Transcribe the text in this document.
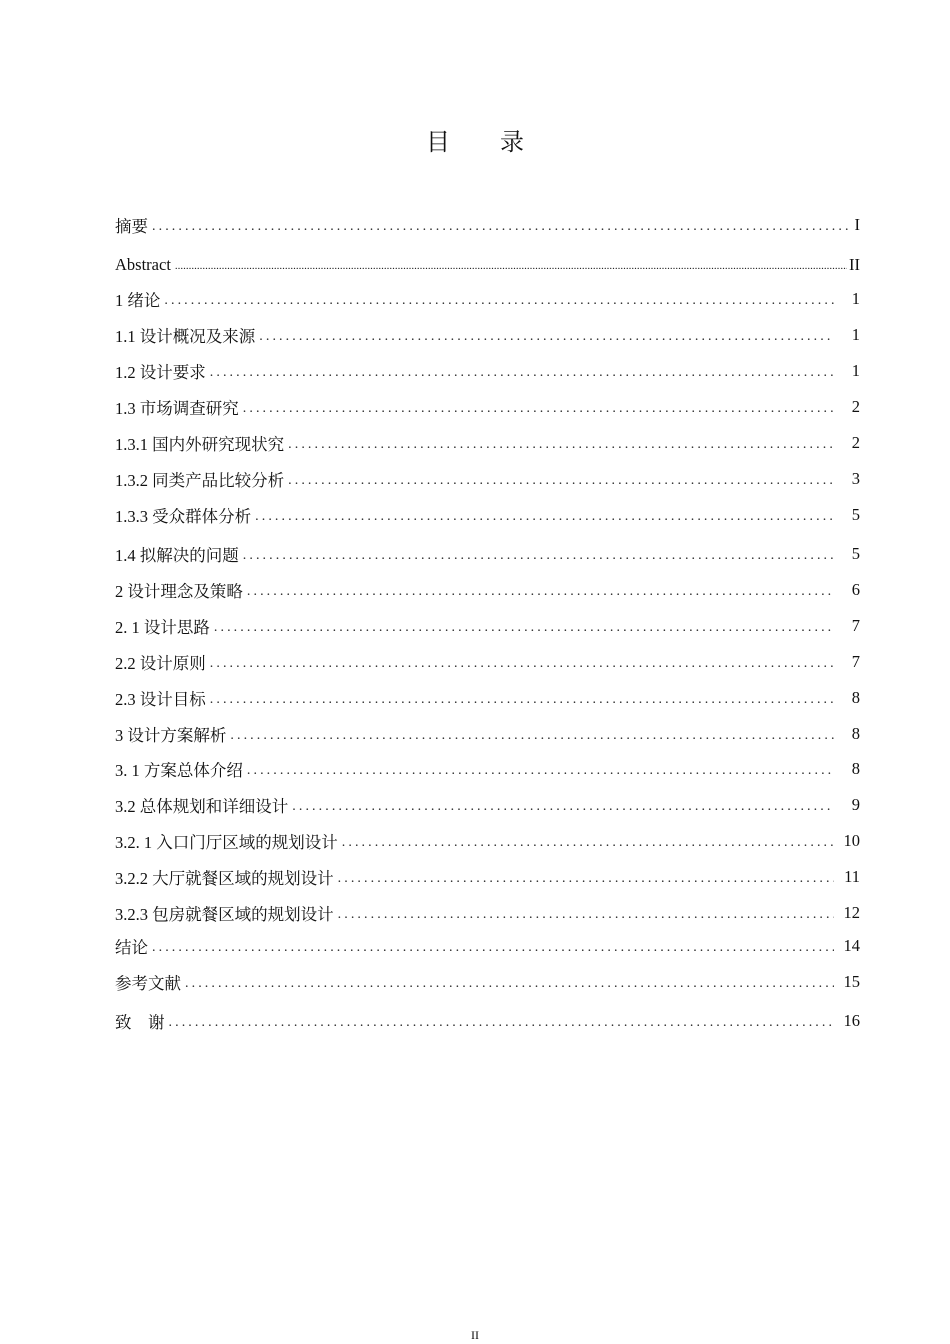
目 录
摘要 .....	I
Abstract .....	II
1 绪论 .....	1
1.1 设计概况及来源 .....	1
1.2 设计要求 .....	1
1.3 市场调查研究 .....	2
1.3.1 国内外研究现状究 .....	2
1.3.2 同类产品比较分析 .....	3
1.3.3 受众群体分析 .....	5
1.4 拟解决的问题 .....	5
2 设计理念及策略 .....	6
2. 1 设计思路 .....	7
2.2 设计原则 .....	7
2.3 设计目标 .....	8
3 设计方案解析 .....	8
3. 1 方案总体介绍 .....	8
3.2 总体规划和详细设计 .....	9
3.2. 1 入口门厅区域的规划设计 .....	10
3.2.2 大厅就餐区域的规划设计 .....	11
3.2.3 包房就餐区域的规划设计 .....	12
结论 .....	14
参考文献 .....	15
致    谢 .....	16
II
